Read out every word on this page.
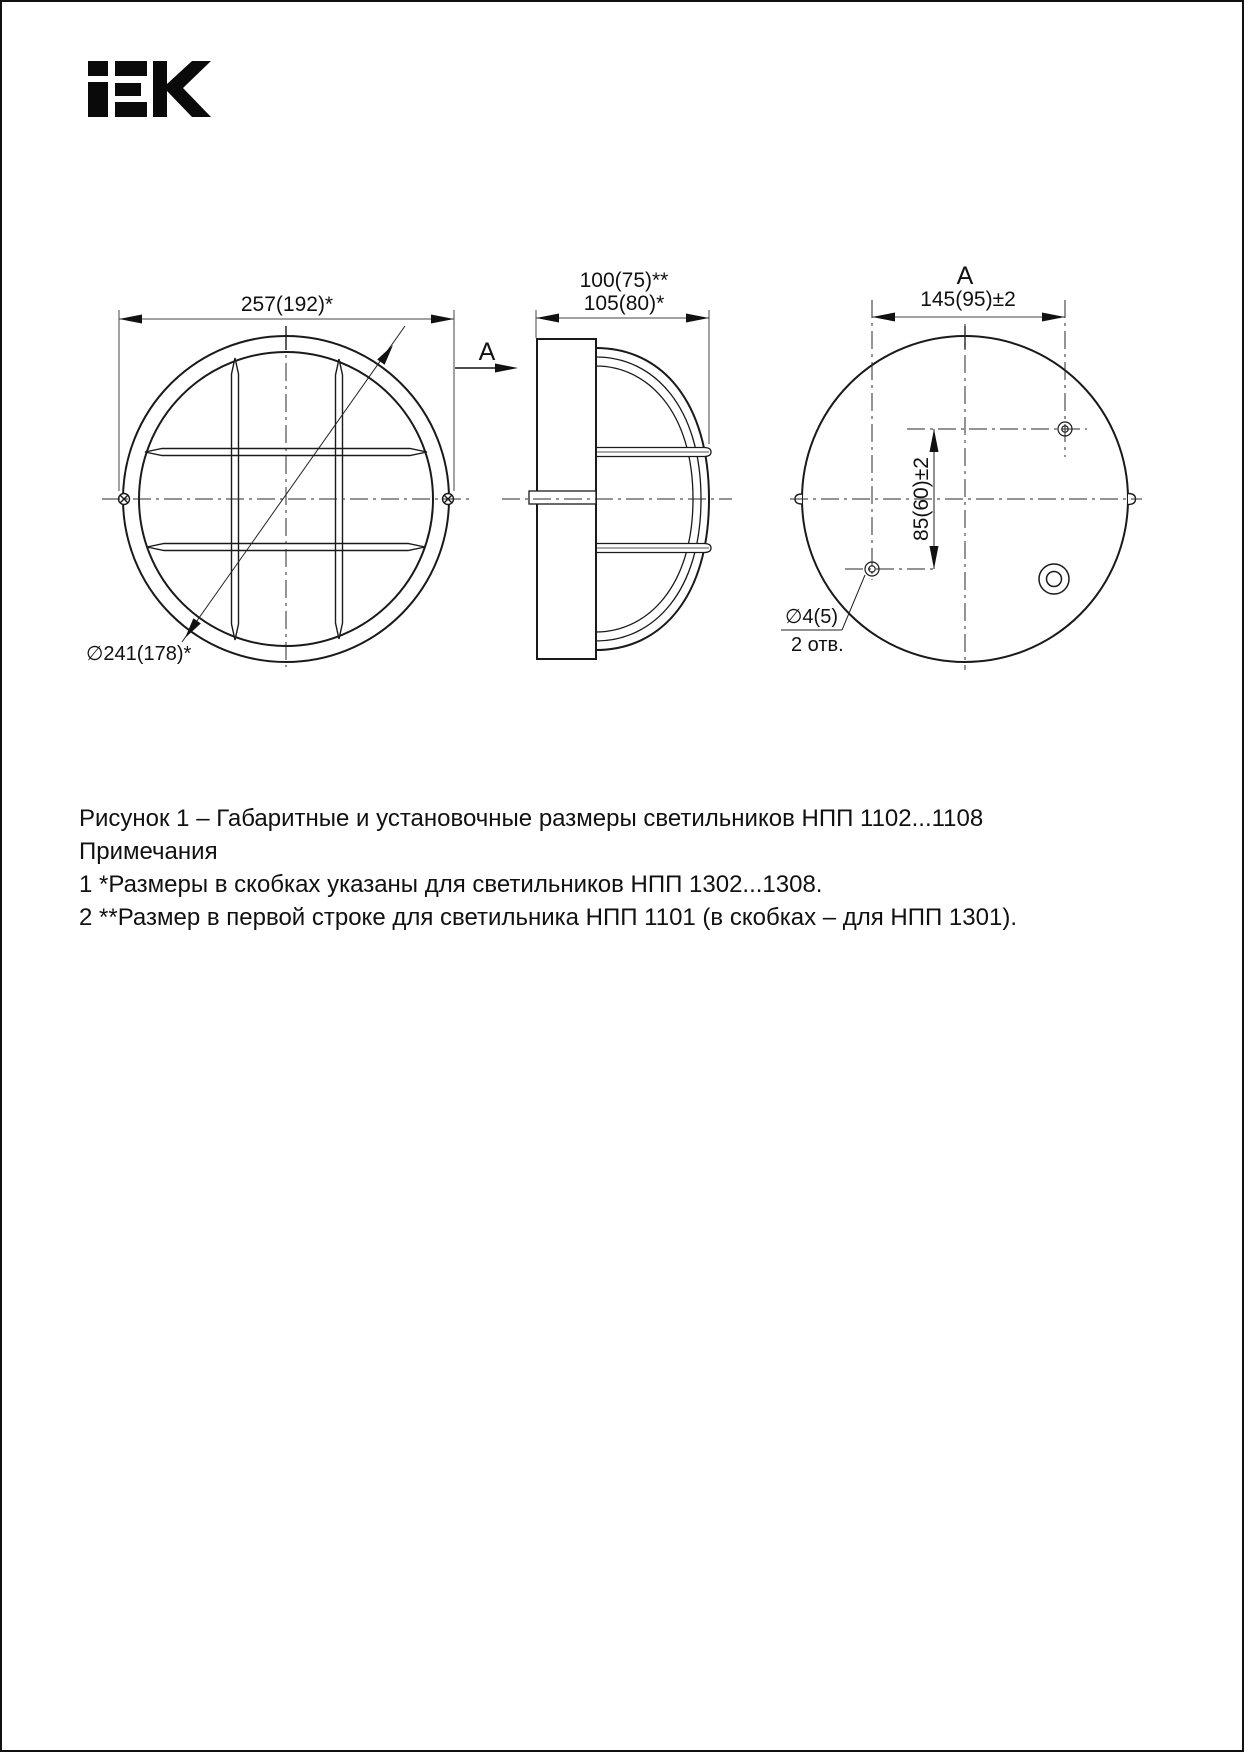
257(192)*
∅241(178)*
A
100(75)**
105(80)*
A
145(95)±2
85(60)±2
∅4(5)
2 отв.
Рисунок 1 – Габаритные и установочные размеры светильников НПП 1102...1108
Примечания
1 *Размеры в скобках указаны для светильников НПП 1302...1308.
2 **Размер в первой строке для светильника НПП 1101 (в скобках – для НПП 1301).
